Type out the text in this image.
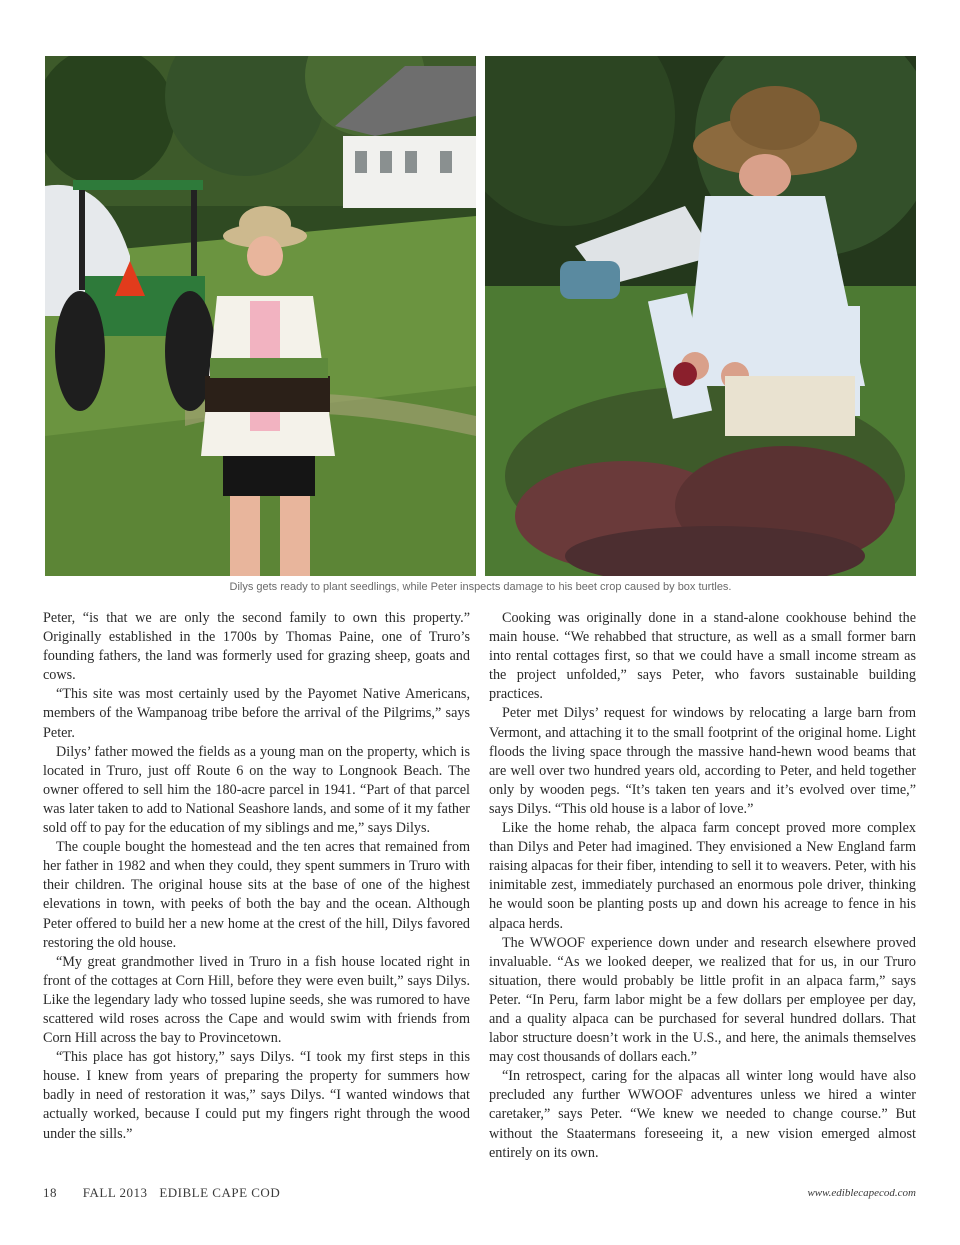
Dilys gets ready to plant seedlings, while Peter inspects damage to his beet crop caused by box turtles.

Peter, “is that we are only the second family to own this property.” Originally established in the 1700s by Thomas Paine, one of Truro’s founding fathers, the land was formerly used for grazing sheep, goats and cows.

“This site was most certainly used by the Payomet Native Americans, members of the Wampanoag tribe before the arrival of the Pilgrims,” says Peter.

Dilys’ father mowed the fields as a young man on the property, which is located in Truro, just off Route 6 on the way to Longnook Beach. The owner offered to sell him the 180-acre parcel in 1941. “Part of that parcel was later taken to add to National Seashore lands, and some of it my father sold off to pay for the education of my siblings and me,” says Dilys.

The couple bought the homestead and the ten acres that remained from her father in 1982 and when they could, they spent summers in Truro with their children. The original house sits at the base of one of the highest elevations in town, with peeks of both the bay and the ocean. Although Peter offered to build her a new home at the crest of the hill, Dilys favored restoring the old house.

“My great grandmother lived in Truro in a fish house located right in front of the cottages at Corn Hill, before they were even built,” says Dilys. Like the legendary lady who tossed lupine seeds, she was rumored to have scattered wild roses across the Cape and would swim with friends from Corn Hill across the bay to Provincetown.

“This place has got history,” says Dilys. “I took my first steps in this house. I knew from years of preparing the property for summers how badly in need of restoration it was,” says Dilys. “I wanted windows that actually worked, because I could put my fingers right through the wood under the sills.”

Cooking was originally done in a stand-alone cookhouse behind the main house. “We rehabbed that structure, as well as a small former barn into rental cottages first, so that we could have a small income stream as the project unfolded,” says Peter, who favors sustainable building practices.

Peter met Dilys’ request for windows by relocating a large barn from Vermont, and attaching it to the small footprint of the original home. Light floods the living space through the massive hand-hewn wood beams that are well over two hundred years old, according to Peter, and held together only by wooden pegs. “It’s taken ten years and it’s evolved over time,” says Dilys. “This old house is a labor of love.”

Like the home rehab, the alpaca farm concept proved more complex than Dilys and Peter had imagined. They envisioned a New England farm raising alpacas for their fiber, intending to sell it to weavers. Peter, with his inimitable zest, immediately purchased an enormous pole driver, thinking he would soon be planting posts up and down his acreage to fence in his alpaca herds.

The WWOOF experience down under and research elsewhere proved invaluable. “As we looked deeper, we realized that for us, in our Truro situation, there would probably be little profit in an alpaca farm,” says Peter. “In Peru, farm labor might be a few dollars per employee per day, and a quality alpaca can be purchased for several hundred dollars. That labor structure doesn’t work in the U.S., and here, the animals themselves may cost thousands of dollars each.”

“In retrospect, caring for the alpacas all winter long would have also precluded any further WWOOF adventures unless we hired a winter caretaker,” says Peter. “We knew we needed to change course.” But without the Staatermans foreseeing it, a new vision emerged almost entirely on its own.

18 FALL 2013 EDIBLE CAPE COD	www.ediblecapecod.com
